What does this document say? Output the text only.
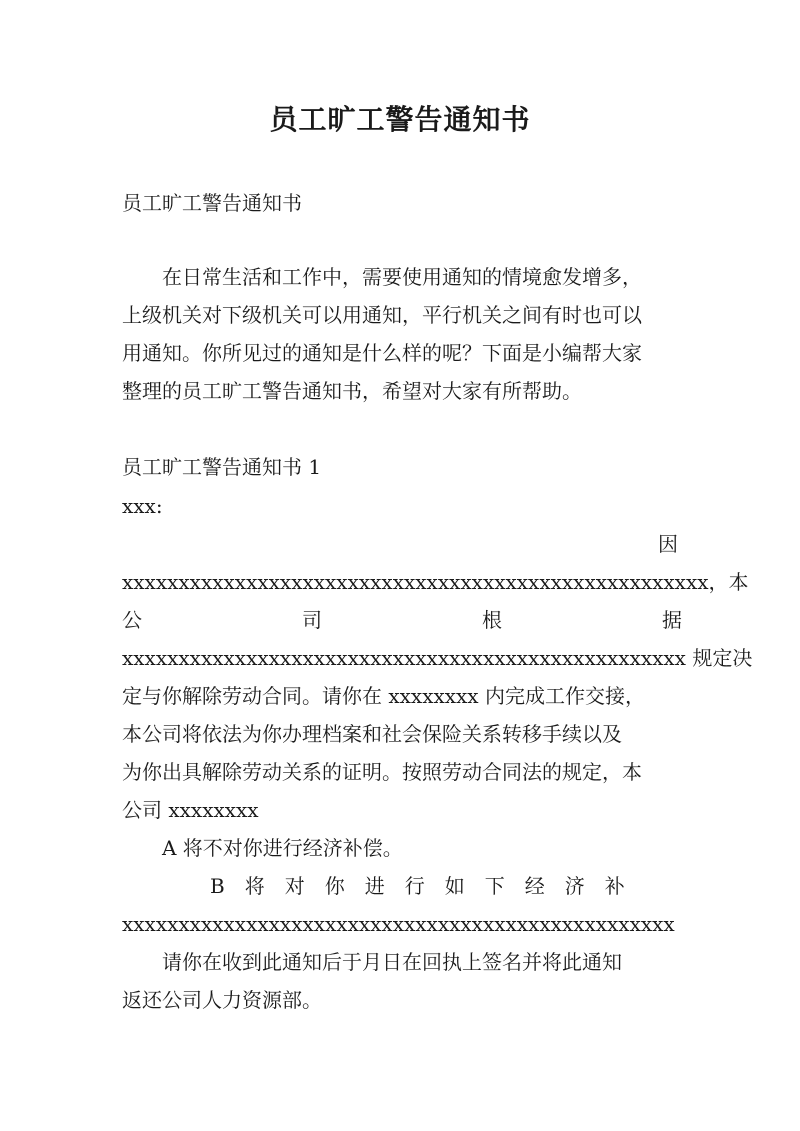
员工旷工警告通知书
员工旷工警告通知书
在日常生活和工作中，需要使用通知的情境愈发增多，
上级机关对下级机关可以用通知，平行机关之间有时也可以
用通知。你所见过的通知是什么样的呢？下面是小编帮大家
整理的员工旷工警告通知书，希望对大家有所帮助。
员工旷工警告通知书 1
xxx:
因
xxxxxxxxxxxxxxxxxxxxxxxxxxxxxxxxxxxxxxxxxxxxxxxxxxxx，本
公　　　　　　　　司　　　　　　　　根　　　　　　　　据
xxxxxxxxxxxxxxxxxxxxxxxxxxxxxxxxxxxxxxxxxxxxxxxxxx 规定决
定与你解除劳动合同。请你在 xxxxxxxx 内完成工作交接，
本公司将依法为你办理档案和社会保险关系转移手续以及
为你出具解除劳动关系的证明。按照劳动合同法的规定，本
公司 xxxxxxxx
A 将不对你进行经济补偿。
B　将　对　你　进　行　如　下　经　济　补
xxxxxxxxxxxxxxxxxxxxxxxxxxxxxxxxxxxxxxxxxxxxxxxxx
请你在收到此通知后于月日在回执上签名并将此通知
返还公司人力资源部。
